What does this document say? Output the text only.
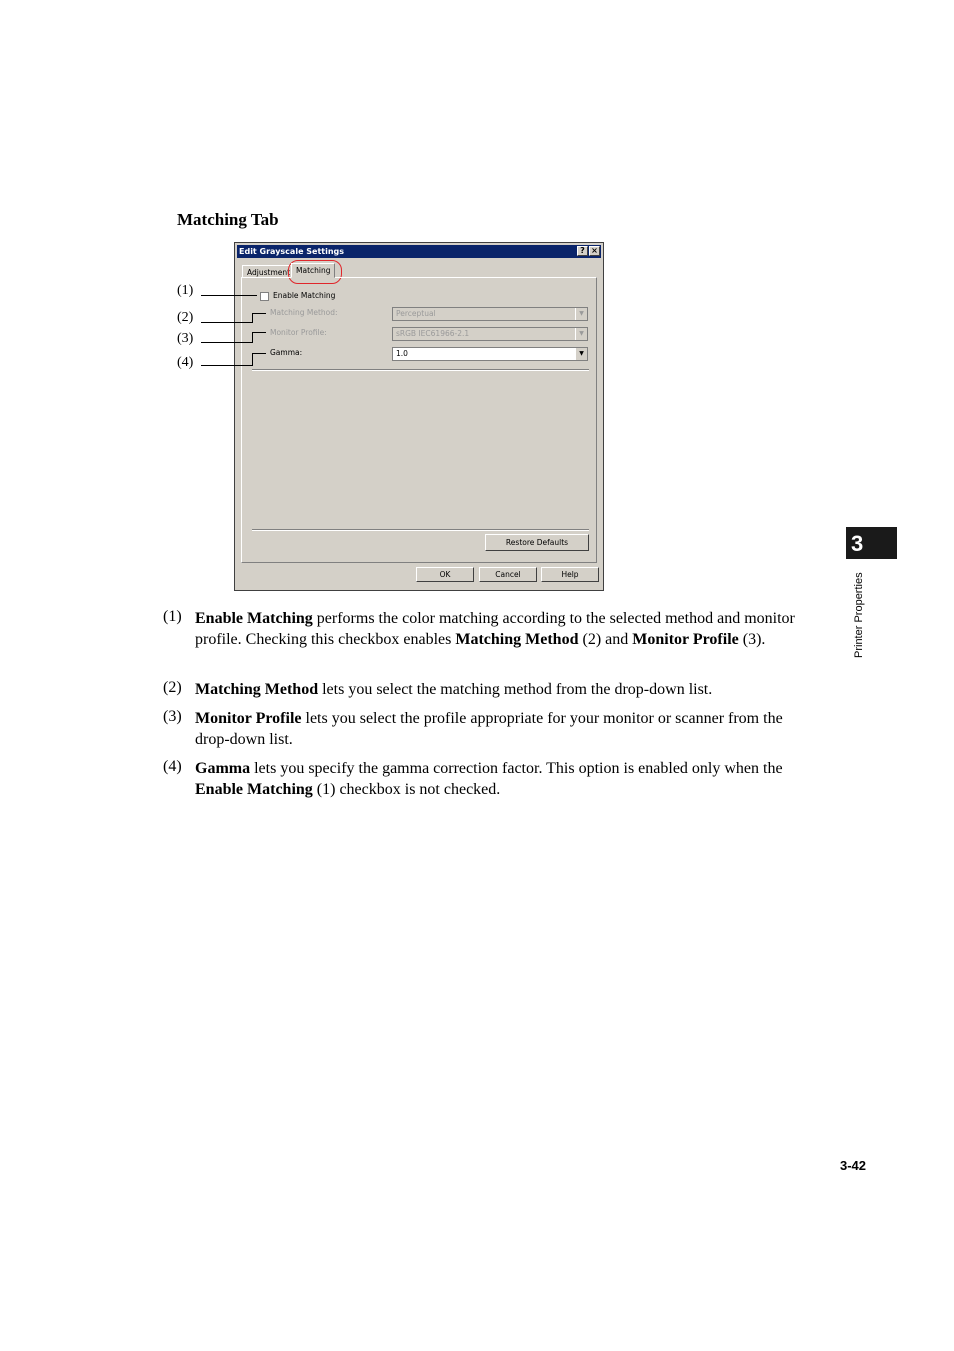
Matching Tab
Edit Grayscale Settings	? ×
Adjustment Matching
Enable Matching
Matching Method:	Perceptual	▼
Monitor Profile:	sRGB IEC61966-2.1	▼
Gamma:	1.0	▼
Restore Defaults
OK	Cancel	Help
(1)
(2)
(3)
(4)
(1) Enable Matching performs the color matching according to the selected method and monitor profile. Checking this checkbox enables Matching Method (2) and Monitor Profile (3).
(2) Matching Method lets you select the matching method from the drop-down list.
(3) Monitor Profile lets you select the profile appropriate for your monitor or scanner from the drop-down list.
(4) Gamma lets you specify the gamma correction factor. This option is enabled only when the Enable Matching (1) checkbox is not checked.
3
Printer Properties
3-42
